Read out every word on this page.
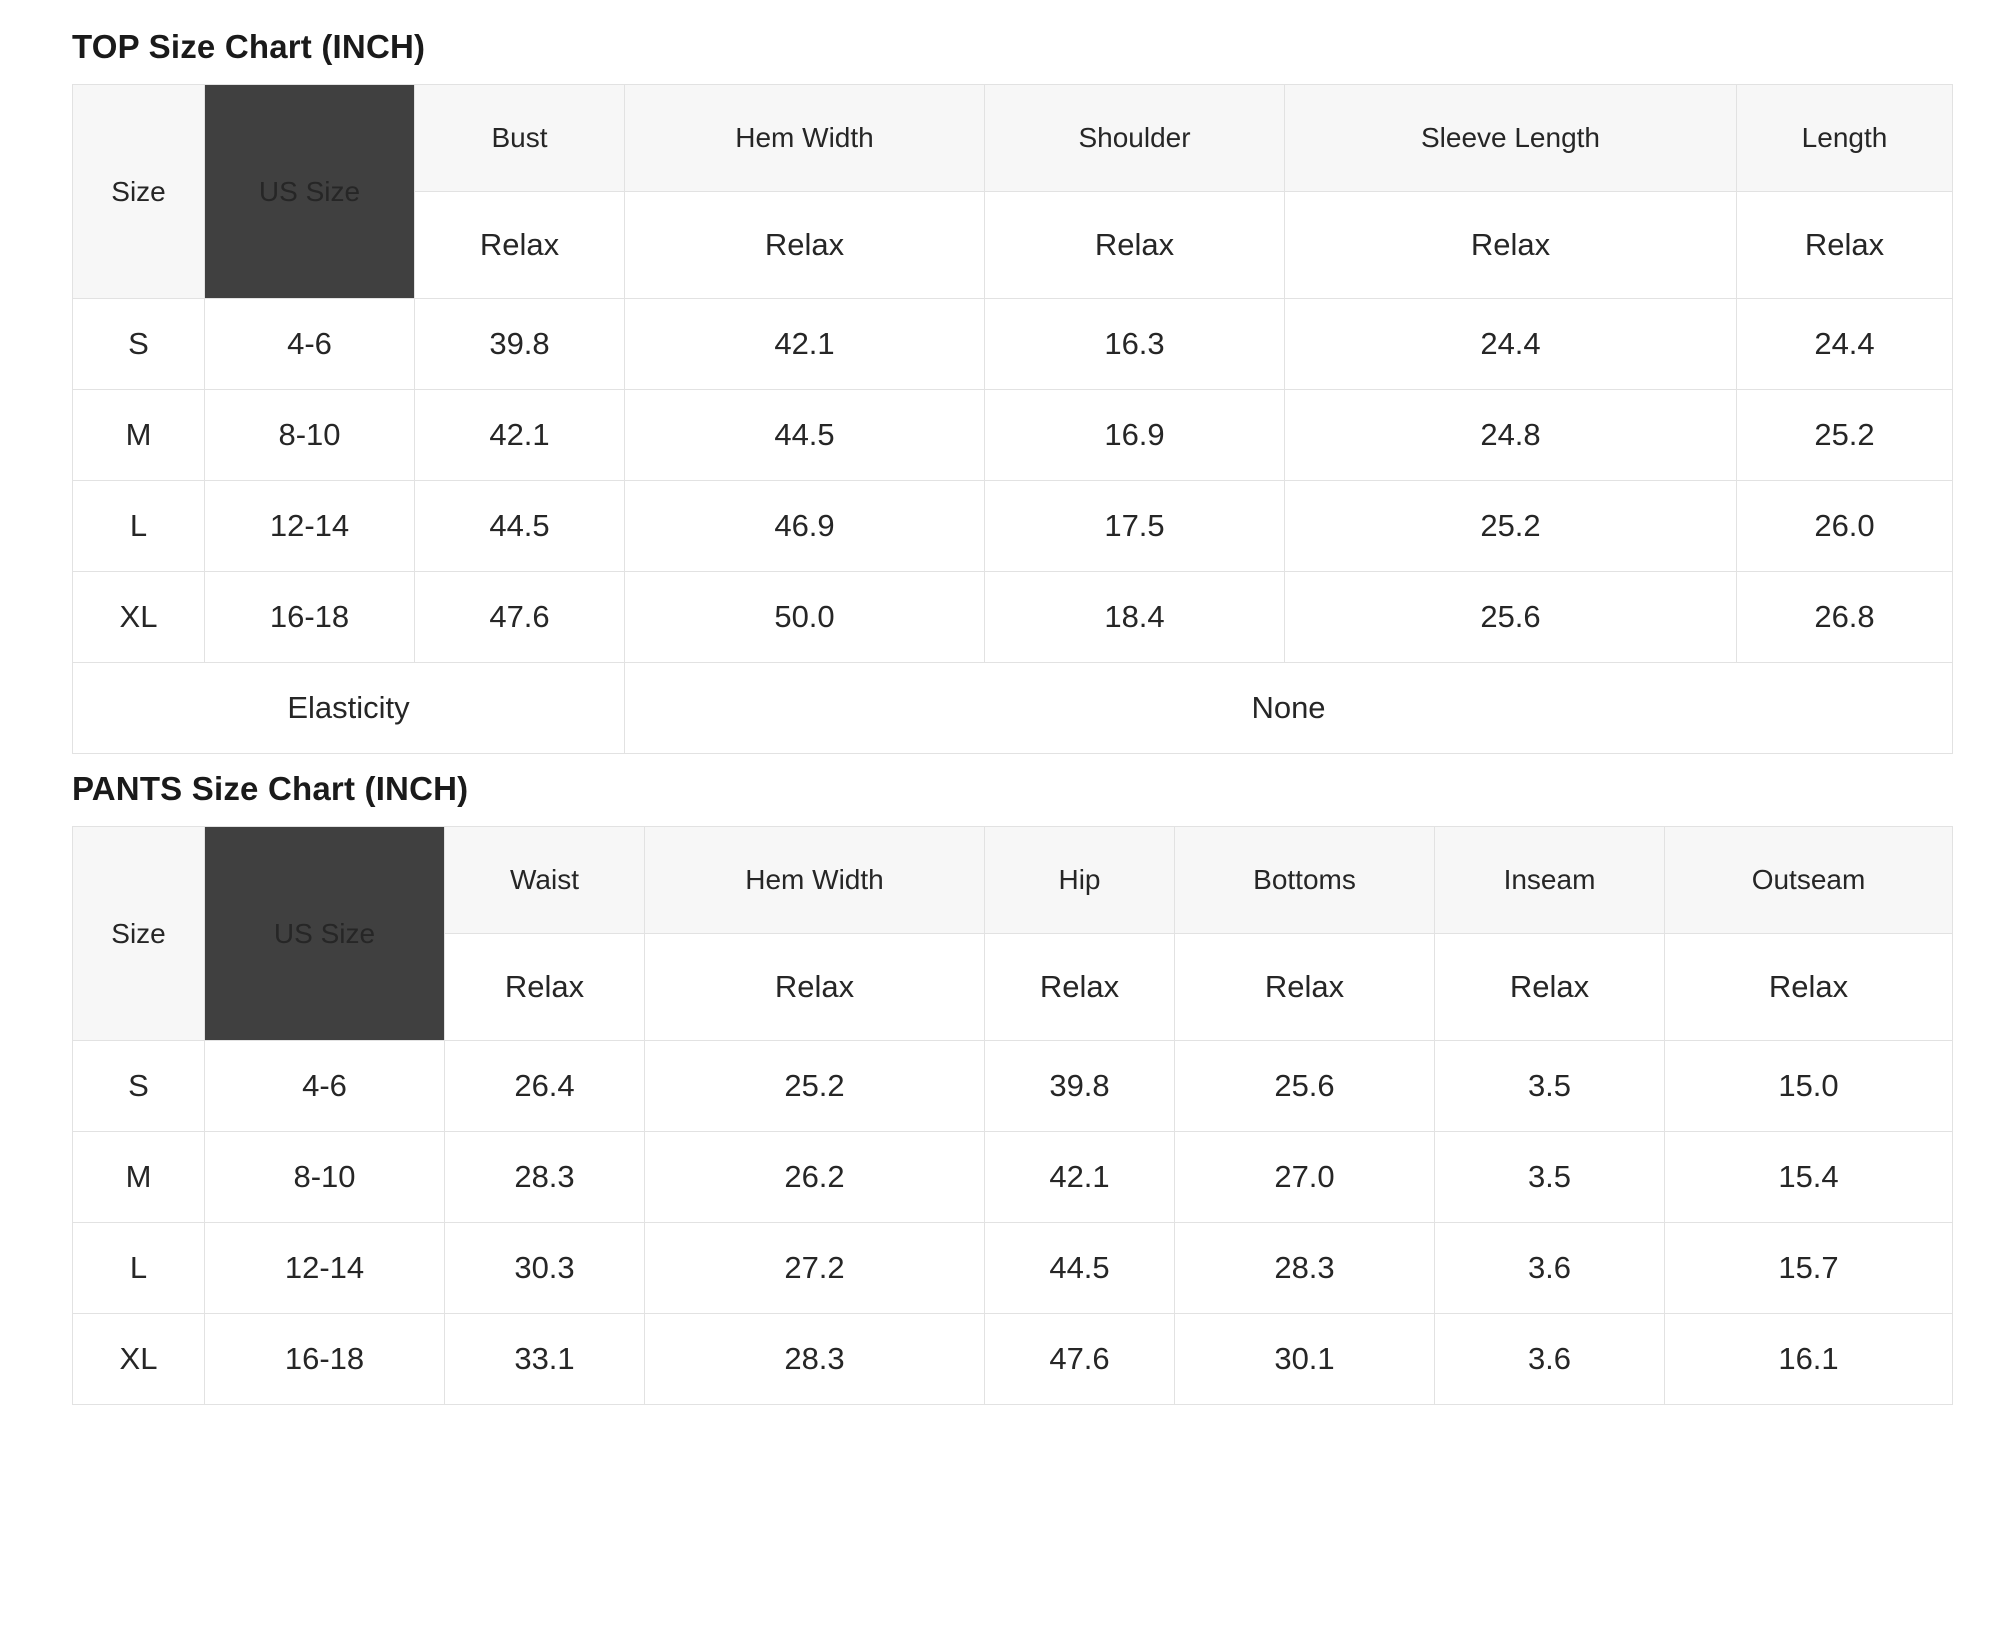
TOP Size Chart (INCH)
Size	US Size	Bust	Hem Width	Shoulder	Sleeve Length	Length
		Relax	Relax	Relax	Relax	Relax
S	4-6	39.8	42.1	16.3	24.4	24.4
M	8-10	42.1	44.5	16.9	24.8	25.2
L	12-14	44.5	46.9	17.5	25.2	26.0
XL	16-18	47.6	50.0	18.4	25.6	26.8
Elasticity			None			
PANTS Size Chart (INCH)
Size	US Size	Waist	Hem Width	Hip	Bottoms	Inseam	Outseam
		Relax	Relax	Relax	Relax	Relax	Relax
S	4-6	26.4	25.2	39.8	25.6	3.5	15.0
M	8-10	28.3	26.2	42.1	27.0	3.5	15.4
L	12-14	30.3	27.2	44.5	28.3	3.6	15.7
XL	16-18	33.1	28.3	47.6	30.1	3.6	16.1
